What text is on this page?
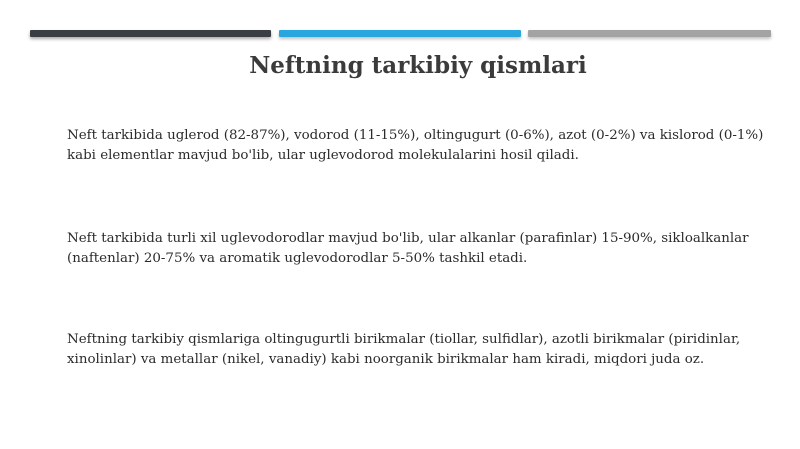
Neftning tarkibiy qismlari
Neft tarkibida uglerod (82-87%), vodorod (11-15%), oltingugurt (0-6%), azot (0-2%) va kislorod (0-1%) kabi elementlar mavjud bo'lib, ular uglevodorod molekulalarini hosil qiladi.
Neft tarkibida turli xil uglevodorodlar mavjud bo'lib, ular alkanlar (parafinlar) 15-90%, sikloalkanlar (naftenlar) 20-75% va aromatik uglevodorodlar 5-50% tashkil etadi.
Neftning tarkibiy qismlariga oltingugurtli birikmalar (tiollar, sulfidlar), azotli birikmalar (piridinlar, xinolinlar) va metallar (nikel, vanadiy) kabi noorganik birikmalar ham kiradi, miqdori juda oz.
